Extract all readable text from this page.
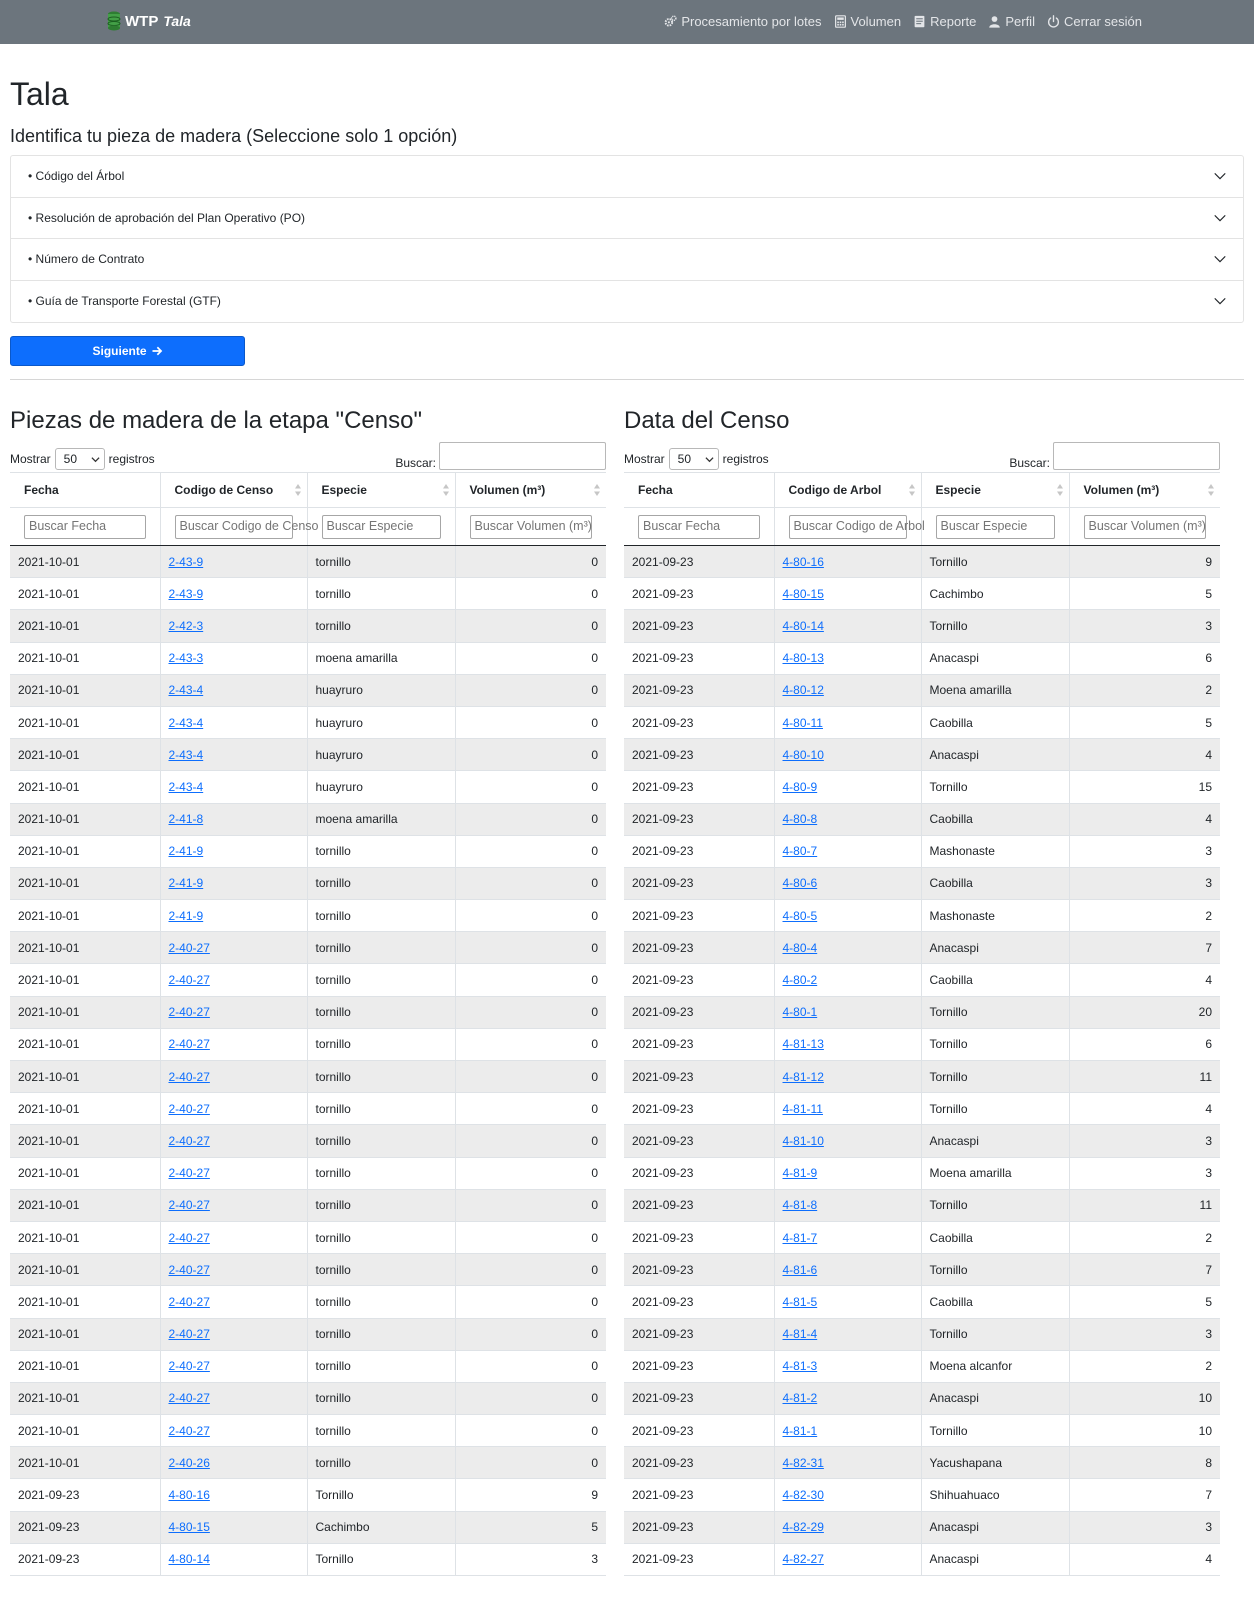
WTP Tala	Procesamiento por lotes Volumen Reporte Perfil Cerrar sesión
Tala
Identifica tu pieza de madera (Seleccione solo 1 opción)
• Código del Árbol
• Resolución de aprobación del Plan Operativo (PO)
• Número de Contrato
• Guía de Transporte Forestal (GTF)
Siguiente
Piezas de madera de la etapa "Censo"
Mostrar 50	registros	Buscar:
Fecha	Codigo de Censo	Especie	Volumen (m³)

Buscar Fecha	Buscar Codigo de Censo	Buscar Especie	Buscar Volumen (m³)

2021-10-01	2-43-9	tornillo	0
2021-10-01	2-43-9	tornillo	0
2021-10-01	2-42-3	tornillo	0
2021-10-01	2-43-3	moena amarilla	0
2021-10-01	2-43-4	huayruro	0
2021-10-01	2-43-4	huayruro	0
2021-10-01	2-43-4	huayruro	0
2021-10-01	2-43-4	huayruro	0
2021-10-01	2-41-8	moena amarilla	0
2021-10-01	2-41-9	tornillo	0
2021-10-01	2-41-9	tornillo	0
2021-10-01	2-41-9	tornillo	0
2021-10-01	2-40-27	tornillo	0
2021-10-01	2-40-27	tornillo	0
2021-10-01	2-40-27	tornillo	0
2021-10-01	2-40-27	tornillo	0
2021-10-01	2-40-27	tornillo	0
2021-10-01	2-40-27	tornillo	0
2021-10-01	2-40-27	tornillo	0
2021-10-01	2-40-27	tornillo	0
2021-10-01	2-40-27	tornillo	0
2021-10-01	2-40-27	tornillo	0
2021-10-01	2-40-27	tornillo	0
2021-10-01	2-40-27	tornillo	0
2021-10-01	2-40-27	tornillo	0
2021-10-01	2-40-27	tornillo	0
2021-10-01	2-40-27	tornillo	0
2021-10-01	2-40-27	tornillo	0
2021-10-01	2-40-26	tornillo	0
2021-09-23	4-80-16	Tornillo	9
2021-09-23	4-80-15	Cachimbo	5
2021-09-23	4-80-14	Tornillo	3
Data del Censo
Mostrar 50	registros	Buscar:
Fecha	Codigo de Arbol	Especie	Volumen (m³)

Buscar Fecha	Buscar Codigo de Arbol	Buscar Especie	Buscar Volumen (m³)

2021-09-23	4-80-16	Tornillo	9
2021-09-23	4-80-15	Cachimbo	5
2021-09-23	4-80-14	Tornillo	3
2021-09-23	4-80-13	Anacaspi	6
2021-09-23	4-80-12	Moena amarilla	2
2021-09-23	4-80-11	Caobilla	5
2021-09-23	4-80-10	Anacaspi	4
2021-09-23	4-80-9	Tornillo	15
2021-09-23	4-80-8	Caobilla	4
2021-09-23	4-80-7	Mashonaste	3
2021-09-23	4-80-6	Caobilla	3
2021-09-23	4-80-5	Mashonaste	2
2021-09-23	4-80-4	Anacaspi	7
2021-09-23	4-80-2	Caobilla	4
2021-09-23	4-80-1	Tornillo	20
2021-09-23	4-81-13	Tornillo	6
2021-09-23	4-81-12	Tornillo	11
2021-09-23	4-81-11	Tornillo	4
2021-09-23	4-81-10	Anacaspi	3
2021-09-23	4-81-9	Moena amarilla	3
2021-09-23	4-81-8	Tornillo	11
2021-09-23	4-81-7	Caobilla	2
2021-09-23	4-81-6	Tornillo	7
2021-09-23	4-81-5	Caobilla	5
2021-09-23	4-81-4	Tornillo	3
2021-09-23	4-81-3	Moena alcanfor	2
2021-09-23	4-81-2	Anacaspi	10
2021-09-23	4-81-1	Tornillo	10
2021-09-23	4-82-31	Yacushapana	8
2021-09-23	4-82-30	Shihuahuaco	7
2021-09-23	4-82-29	Anacaspi	3
2021-09-23	4-82-27	Anacaspi	4
